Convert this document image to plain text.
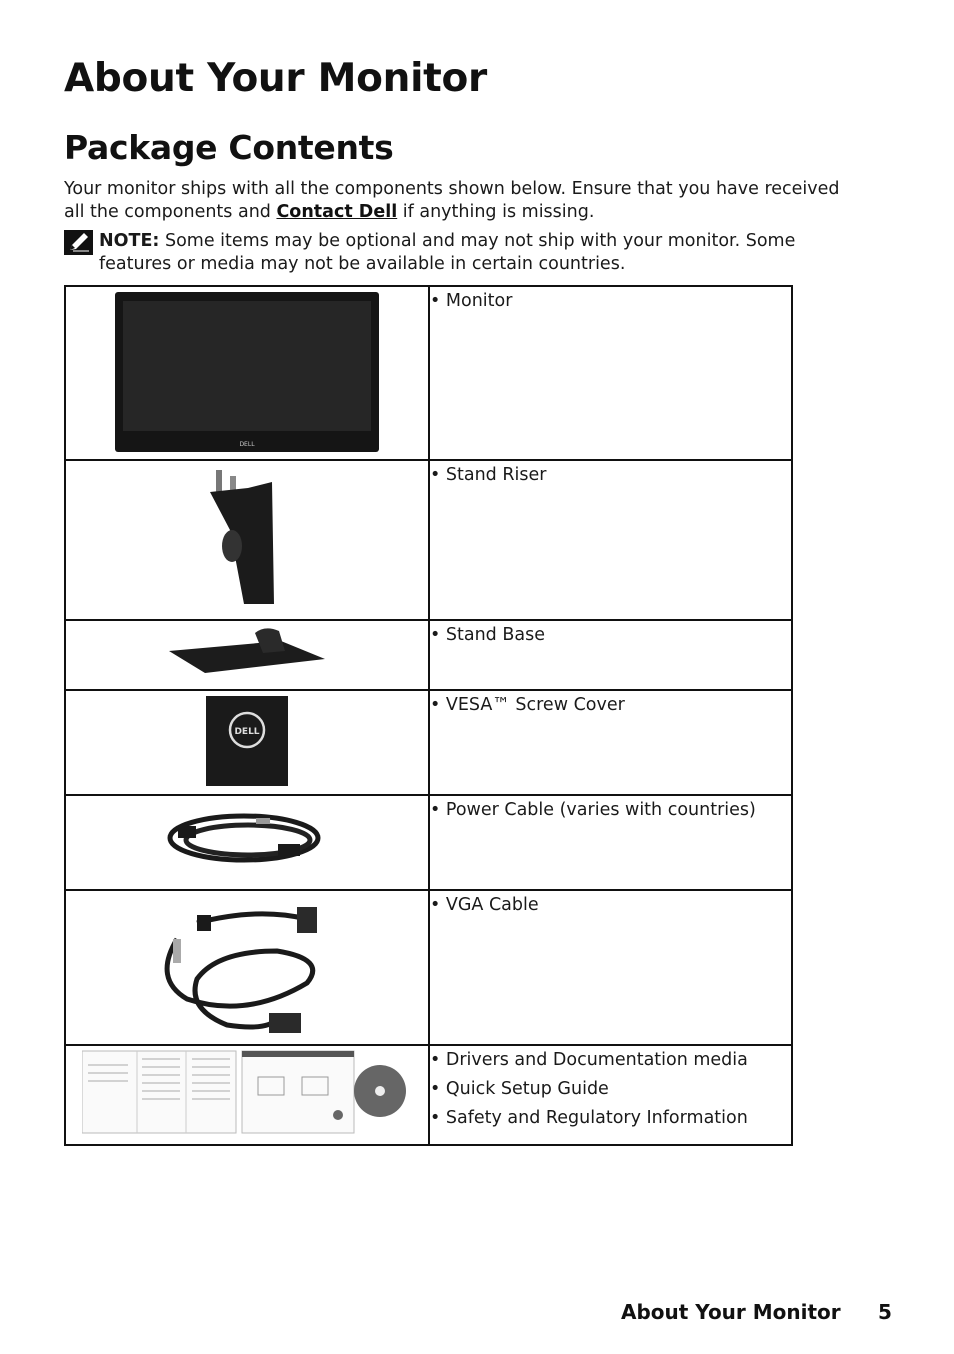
About Your Monitor
Package Contents
Your monitor ships with all the components shown below. Ensure that you have received all the components and Contact Dell if anything is missing.
NOTE: Some items may be optional and may not ship with your monitor. Some features or media may not be available in certain countries.
DELL	• Monitor

• Stand Riser

• Stand Base

DELL	• VESA™ Screw Cover

• Power Cable (varies with countries)

• VGA Cable

• Drivers and Documentation media
• Quick Setup Guide
• Safety and Regulatory Information
About Your Monitor 5
